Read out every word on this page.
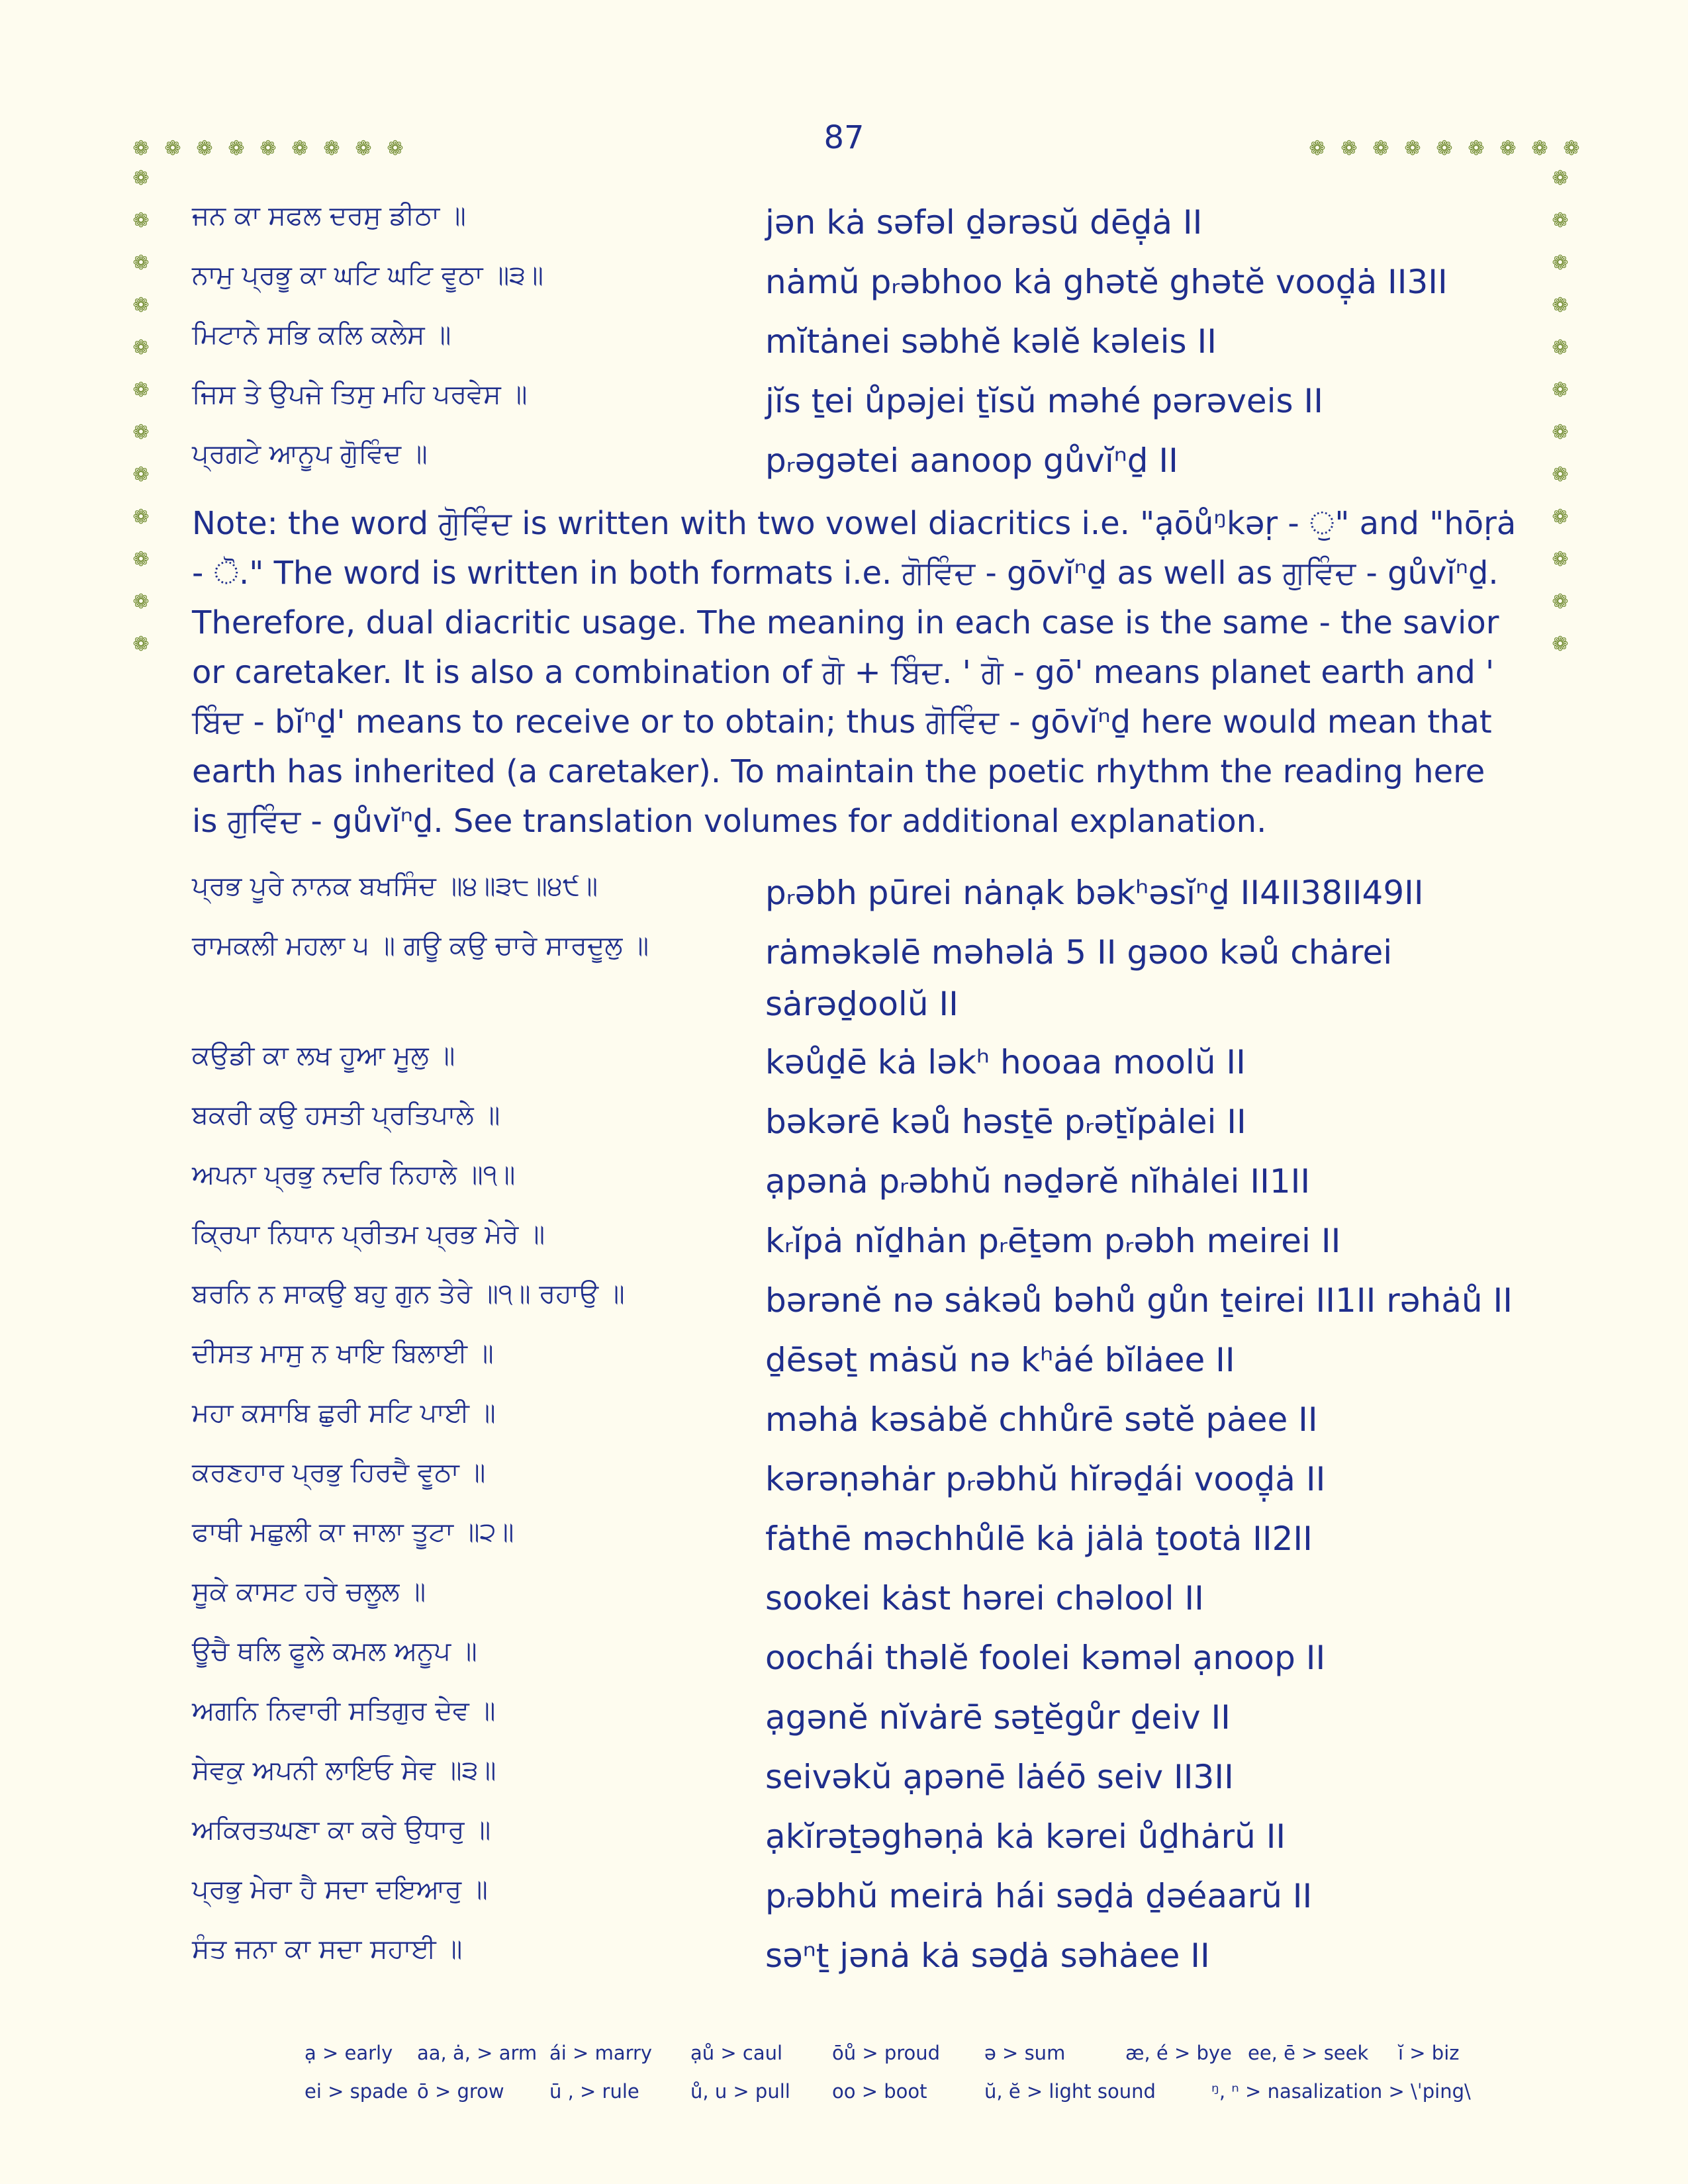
87
❁ ❁ ❁ ❁ ❁ ❁ ❁ ❁ ❁	❁ ❁ ❁ ❁ ❁ ❁ ❁ ❁ ❁
❁
❁
❁
❁
❁
❁
❁
❁
❁
❁
❁
❁
❁
❁
❁
❁
❁
❁
❁
❁
❁
❁
❁
❁
ਜਨ ਕਾ ਸਫਲ ਦਰਸੁ ਡੀਠਾ ॥	jən kȧ səfəl ḏərəsŭ dēḏ̣ȧ II
ਨਾਮੁ ਪ੍ਰਭੂ ਕਾ ਘਟਿ ਘਟਿ ਵੂਠਾ ॥੩॥	nȧmŭ pᵣəbhoo kȧ ghətĕ ghətĕ vooḏ̣ȧ II3II
ਮਿਟਾਨੇ ਸਭਿ ਕਲਿ ਕਲੇਸ ॥	mĭtȧnei səbhĕ kəlĕ kəleis II
ਜਿਸ ਤੇ ਉਪਜੇ ਤਿਸੁ ਮਹਿ ਪਰਵੇਸ ॥	jĭs ṯei ůpəjei ṯĭsŭ məhé pərəveis II
ਪ੍ਰਗਟੇ ਆਨੂਪ ਗੋੁਵਿੰਦ ॥	pᵣəgətei aanoop gůvĭⁿḏ II
Note: the word ਗੋੁਵਿੰਦ is written with two vowel diacritics i.e. "ạōůᵑkəṛ - ੁ" and "hōṛȧ - ੋ." The word is written in both formats i.e. ਗੋਵਿੰਦ - gōvĭⁿḏ as well as ਗੁਵਿੰਦ - gůvĭⁿḏ. Therefore, dual diacritic usage. The meaning in each case is the same - the savior or caretaker. It is also a combination of ਗੋ + ਬਿੰਦ. ' ਗੋ - gō' means planet earth and ' ਬਿੰਦ - bĭⁿḏ' means to receive or to obtain; thus ਗੋਵਿੰਦ - gōvĭⁿḏ here would mean that earth has inherited (a caretaker). To maintain the poetic rhythm the reading here is ਗੁਵਿੰਦ - gůvĭⁿḏ. See translation volumes for additional explanation.
ਪ੍ਰਭ ਪੂਰੇ ਨਾਨਕ ਬਖਸਿੰਦ ॥੪॥੩੮॥੪੯॥	pᵣəbh pūrei nȧnạk bəkʰəsĭⁿḏ II4II38II49II
ਰਾਮਕਲੀ ਮਹਲਾ ੫ ॥ ਗਊ ਕਉ ਚਾਰੇ ਸਾਰਦੂਲੁ ॥	rȧməkəlē məhəlȧ 5 II gəoo kəů chȧrei sȧrəḏoolŭ II
ਕਉਡੀ ਕਾ ਲਖ ਹੂਆ ਮੂਲੁ ॥	kəůḏē kȧ ləkʰ hooaa moolŭ II
ਬਕਰੀ ਕਉ ਹਸਤੀ ਪ੍ਰਤਿਪਾਲੇ ॥	bəkərē kəů həsṯē pᵣəṯĭpȧlei II
ਅਪਨਾ ਪ੍ਰਭੁ ਨਦਰਿ ਨਿਹਾਲੇ ॥੧॥	ạpənȧ pᵣəbhŭ nəḏərĕ nĭhȧlei II1II
ਕ੍ਰਿਪਾ ਨਿਧਾਨ ਪ੍ਰੀਤਮ ਪ੍ਰਭ ਮੇਰੇ ॥	kᵣĭpȧ nĭḏhȧn pᵣēṯəm pᵣəbh meirei II
ਬਰਨਿ ਨ ਸਾਕਉ ਬਹੁ ਗੁਨ ਤੇਰੇ ॥੧॥ ਰਹਾਉ ॥	bərənĕ nə sȧkəů bəhů gůn ṯeirei II1II rəhȧů II
ਦੀਸਤ ਮਾਸੁ ਨ ਖਾਇ ਬਿਲਾਈ ॥	ḏēsəṯ mȧsŭ nə kʰȧé bĭlȧee II
ਮਹਾ ਕਸਾਬਿ ਛੁਰੀ ਸਟਿ ਪਾਈ ॥	məhȧ kəsȧbĕ chhůrē sətĕ pȧee II
ਕਰਣਹਾਰ ਪ੍ਰਭੁ ਹਿਰਦੈ ਵੂਠਾ ॥	kərəṇəhȧr pᵣəbhŭ hĭrəḏái vooḏ̣ȧ II
ਫਾਥੀ ਮਛੁਲੀ ਕਾ ਜਾਲਾ ਤੂਟਾ ॥੨॥	fȧthē məchhůlē kȧ jȧlȧ ṯootȧ II2II
ਸੂਕੇ ਕਾਸਟ ਹਰੇ ਚਲੂਲ ॥	sookei kȧst hərei chəlool II
ਊਚੈ ਥਲਿ ਫੂਲੇ ਕਮਲ ਅਨੂਪ ॥	oochái thəlĕ foolei kəməl ạnoop II
ਅਗਨਿ ਨਿਵਾਰੀ ਸਤਿਗੁਰ ਦੇਵ ॥	ạgənĕ nĭvȧrē səṯĕgůr ḏeiv II
ਸੇਵਕੁ ਅਪਨੀ ਲਾਇਓ ਸੇਵ ॥੩॥	seivəkŭ ạpənē lȧéō seiv II3II
ਅਕਿਰਤਘਣਾ ਕਾ ਕਰੇ ਉਧਾਰੁ ॥	ạkĭrəṯəghəṇȧ kȧ kərei ůḏhȧrŭ II
ਪ੍ਰਭੁ ਮੇਰਾ ਹੈ ਸਦਾ ਦਇਆਰੁ ॥	pᵣəbhŭ meirȧ hái səḏȧ ḏəéaarŭ II
ਸੰਤ ਜਨਾ ਕਾ ਸਦਾ ਸਹਾਈ ॥	səⁿṯ jənȧ kȧ səḏȧ səhȧee II
ạ > early aa, ȧ, > arm ái > marry ạů > caul	ōů > proud ə > sum	æ, é > bye ee, ē > seek ĭ > biz
ei > spade ō > grow ū , > rule	ů, u > pull oo > boot	ŭ, ĕ > light sound	ᵑ, ⁿ > nasalization > \ˈping\
